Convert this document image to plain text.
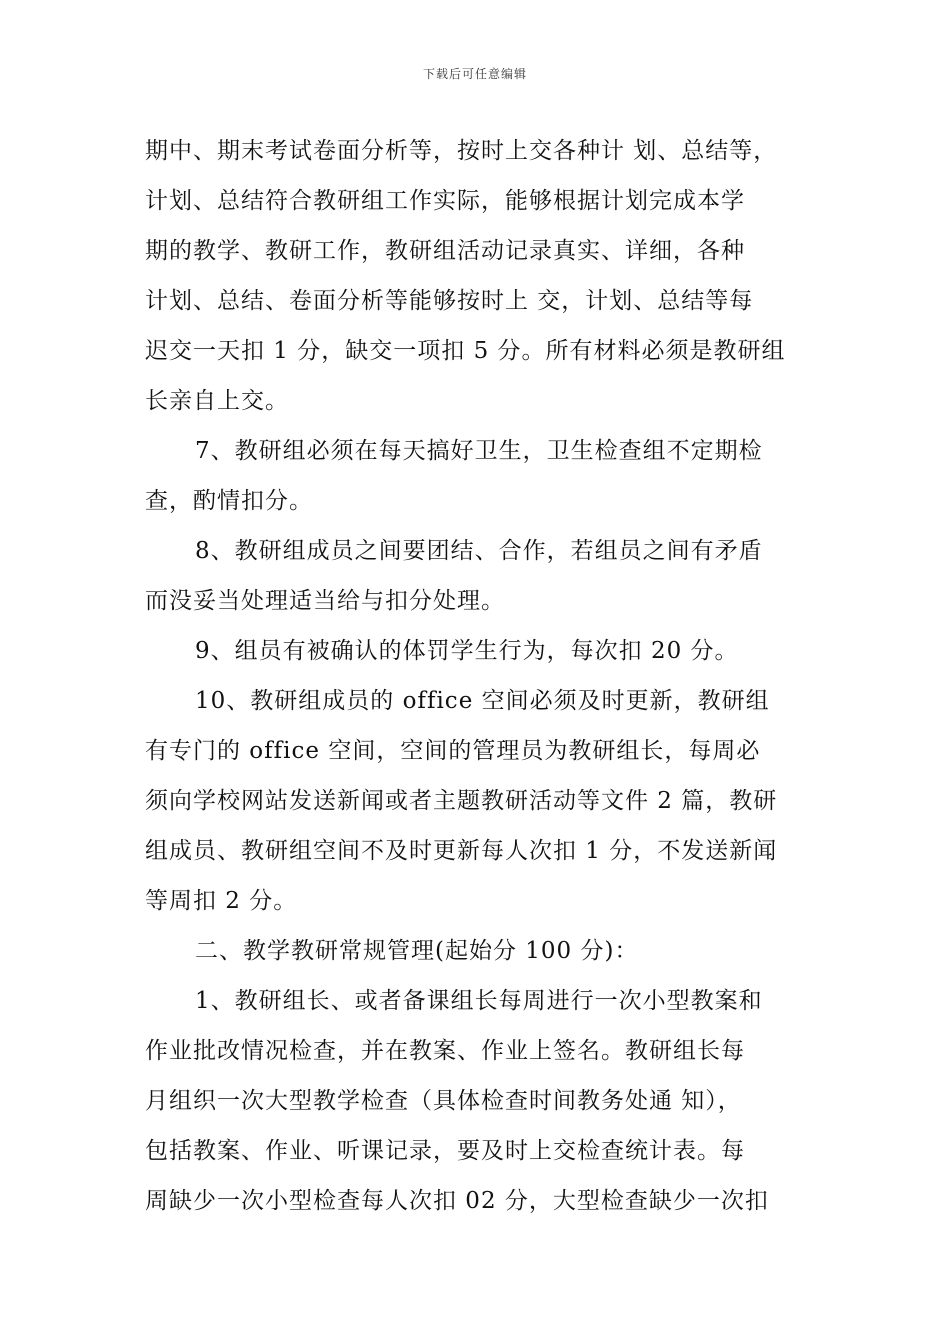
下载后可任意编辑
期中、期末考试卷面分析等，按时上交各种计 划、总结等，
计划、总结符合教研组工作实际，能够根据计划完成本学
期的教学、教研工作，教研组活动记录真实、详细，各种
计划、总结、卷面分析等能够按时上 交，计划、总结等每
迟交一天扣 1 分，缺交一项扣 5 分。所有材料必须是教研组
长亲自上交。
7、教研组必须在每天搞好卫生，卫生检查组不定期检
查，酌情扣分。
8、教研组成员之间要团结、合作，若组员之间有矛盾
而没妥当处理适当给与扣分处理。
9、组员有被确认的体罚学生行为，每次扣 20 分。
10、教研组成员的 office 空间必须及时更新，教研组
有专门的 office 空间，空间的管理员为教研组长，每周必
须向学校网站发送新闻或者主题教研活动等文件 2 篇，教研
组成员、教研组空间不及时更新每人次扣 1 分，不发送新闻
等周扣 2 分。
二、教学教研常规管理(起始分 100 分)：
1、教研组长、或者备课组长每周进行一次小型教案和
作业批改情况检查，并在教案、作业上签名。教研组长每
月组织一次大型教学检查（具体检查时间教务处通 知），
包括教案、作业、听课记录，要及时上交检查统计表。每
周缺少一次小型检查每人次扣 02 分，大型检查缺少一次扣
